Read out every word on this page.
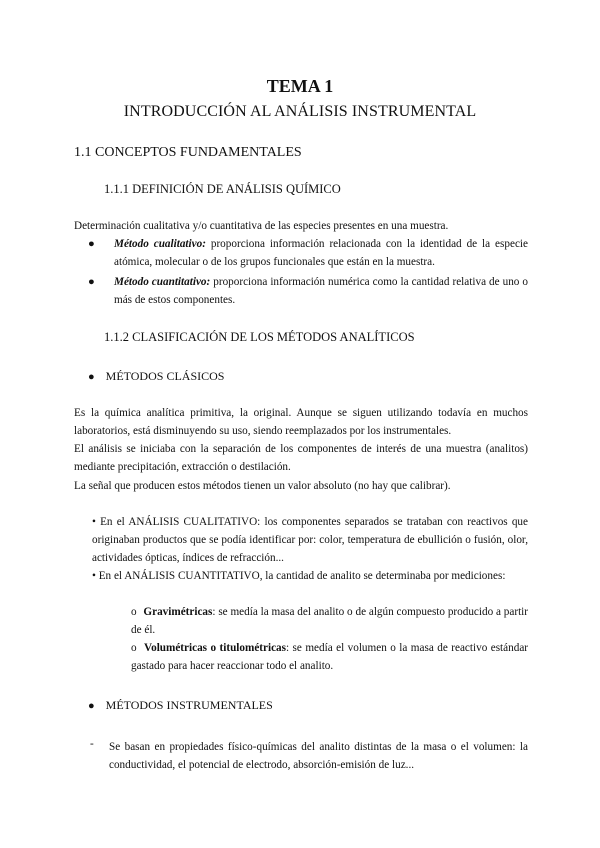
TEMA 1
INTRODUCCIÓN AL ANÁLISIS INSTRUMENTAL
1.1 CONCEPTOS FUNDAMENTALES
1.1.1 DEFINICIÓN DE ANÁLISIS QUÍMICO

Determinación cualitativa y/o cuantitativa de las especies presentes en una muestra.

●	Método cualitativo: proporciona información relacionada con la identidad de la especie atómica, molecular o de los grupos funcionales que están en la muestra.
●	Método cuantitativo: proporciona información numérica como la cantidad relativa de uno o más de estos componentes.
1.1.2 CLASIFICACIÓN DE LOS MÉTODOS ANALÍTICOS
● MÉTODOS CLÁSICOS

Es la química analítica primitiva, la original. Aunque se siguen utilizando todavía en muchos laboratorios, está disminuyendo su uso, siendo reemplazados por los instrumentales.

El análisis se iniciaba con la separación de los componentes de interés de una muestra (analitos) mediante precipitación, extracción o destilación.

La señal que producen estos métodos tienen un valor absoluto (no hay que calibrar).

• En el ANÁLISIS CUALITATIVO: los componentes separados se trataban con reactivos que originaban productos que se podía identificar por: color, temperatura de ebullición o fusión, olor, actividades ópticas, índices de refracción...

• En el ANÁLISIS CUANTITATIVO, la cantidad de analito se determinaba por mediciones:

o Gravimétricas: se medía la masa del analito o de algún compuesto producido a partir de él.
o Volumétricas o titulométricas: se medía el volumen o la masa de reactivo estándar gastado para hacer reaccionar todo el analito.
● MÉTODOS INSTRUMENTALES
- Se basan en propiedades físico-químicas del analito distintas de la masa o el volumen: la conductividad, el potencial de electrodo, absorción-emisión de luz...
